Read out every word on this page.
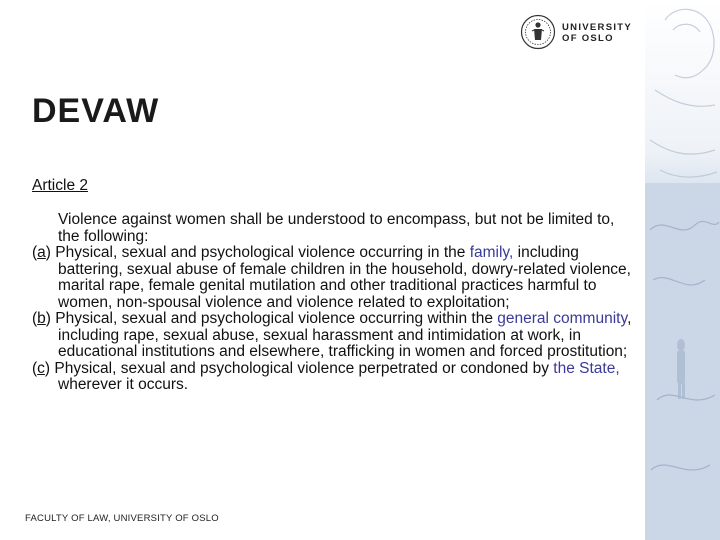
UNIVERSITY
OF OSLO
DEVAW
Article 2

Violence against women shall be understood to encompass, but not be limited to, the following:

(a) Physical, sexual and psychological violence occurring in the family, including battering, sexual abuse of female children in the household, dowry-related violence, marital rape, female genital mutilation and other traditional practices harmful to women, non-spousal violence and violence related to exploitation;

(b) Physical, sexual and psychological violence occurring within the general community, including rape, sexual abuse, sexual harassment and intimidation at work, in educational institutions and elsewhere, trafficking in women and forced prostitution;

(c) Physical, sexual and psychological violence perpetrated or condoned by the State, wherever it occurs.

FACULTY OF LAW, UNIVERSITY OF OSLO
